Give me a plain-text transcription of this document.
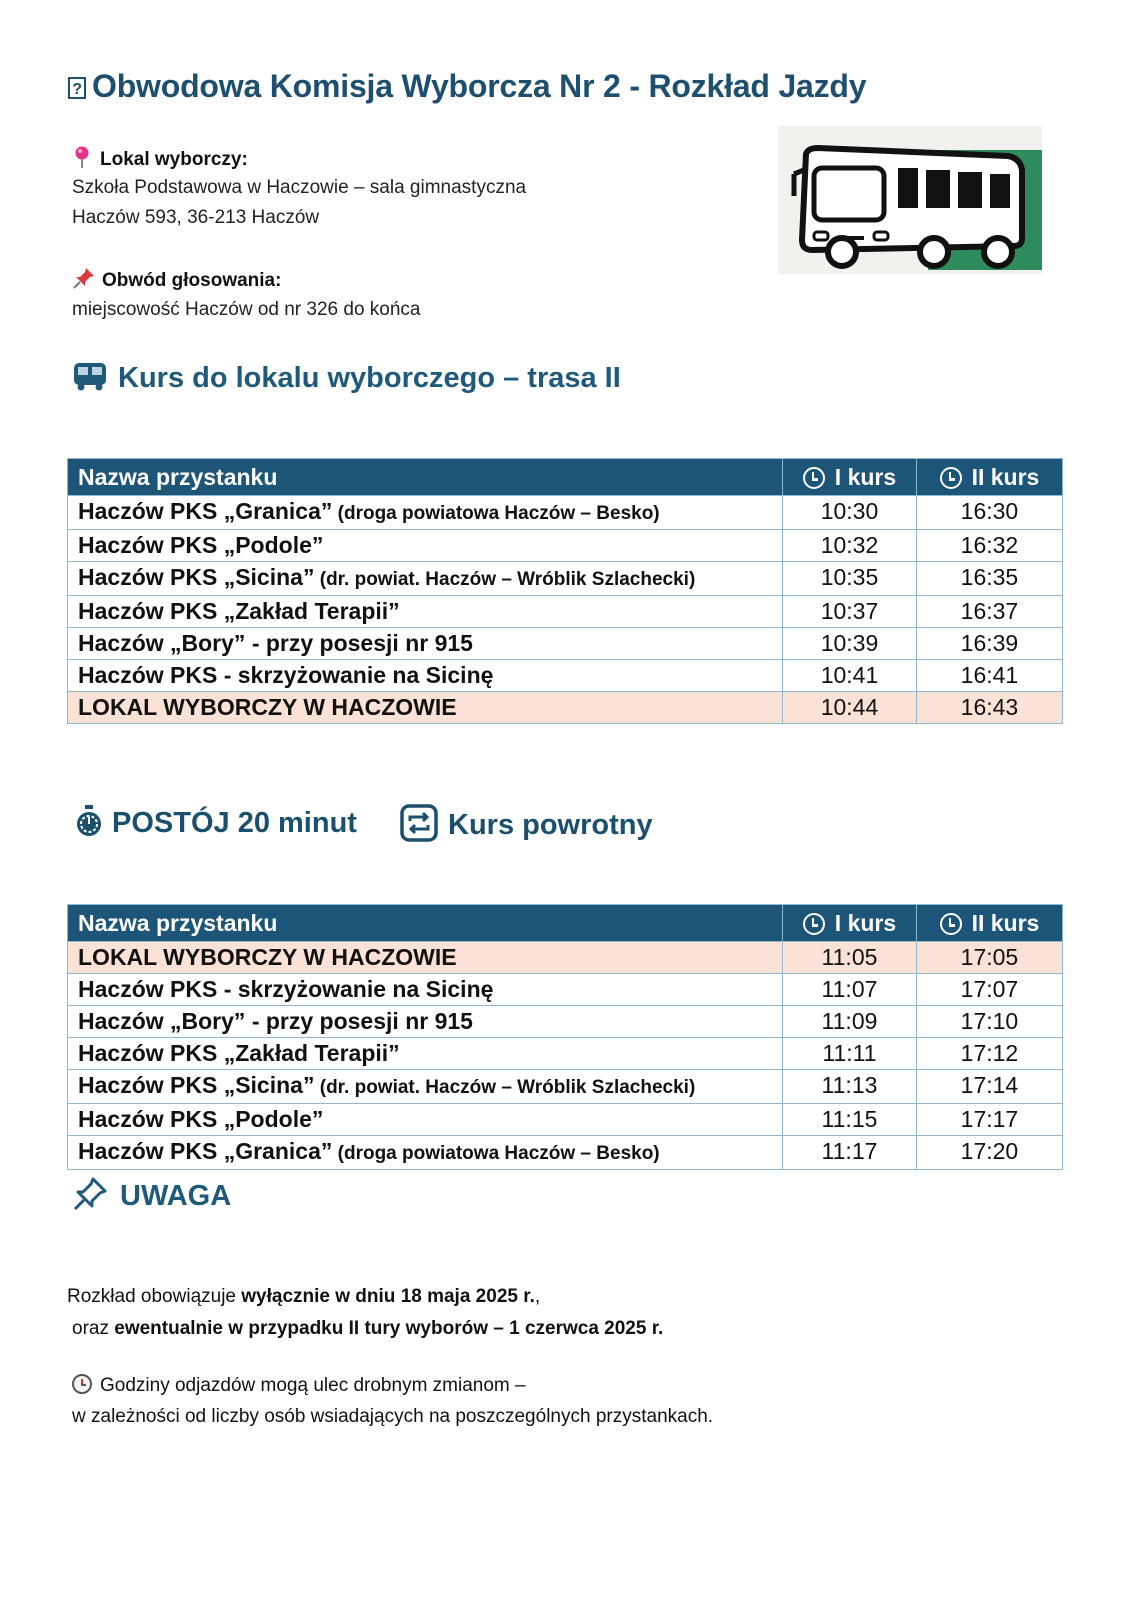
? Obwodowa Komisja Wyborcza Nr 2 - Rozkład Jazdy
Lokal wyborczy:
Szkoła Podstawowa w Haczowie – sala gimnastyczna
Haczów 593, 36-213 Haczów
Obwód głosowania:
miejscowość Haczów od nr 326 do końca
Kurs do lokalu wyborczego – trasa II
Nazwa przystanku	I kurs	II kurs
Haczów PKS „Granica” (droga powiatowa Haczów – Besko)	10:30	16:30
Haczów PKS „Podole”	10:32	16:32
Haczów PKS „Sicina” (dr. powiat. Haczów – Wróblik Szlachecki)	10:35	16:35
Haczów PKS „Zakład Terapii”	10:37	16:37
Haczów „Bory” - przy posesji nr 915	10:39	16:39
Haczów PKS - skrzyżowanie na Sicinę	10:41	16:41
LOKAL WYBORCZY W HACZOWIE	10:44	16:43
POSTÓJ 20 minut	Kurs powrotny
Nazwa przystanku	I kurs	II kurs
LOKAL WYBORCZY W HACZOWIE	11:05	17:05
Haczów PKS - skrzyżowanie na Sicinę	11:07	17:07
Haczów „Bory” - przy posesji nr 915	11:09	17:10
Haczów PKS „Zakład Terapii”	11:11	17:12
Haczów PKS „Sicina” (dr. powiat. Haczów – Wróblik Szlachecki)	11:13	17:14
Haczów PKS „Podole”	11:15	17:17
Haczów PKS „Granica” (droga powiatowa Haczów – Besko)	11:17	17:20
UWAGA
Rozkład obowiązuje wyłącznie w dniu 18 maja 2025 r.,
oraz ewentualnie w przypadku II tury wyborów – 1 czerwca 2025 r.
Godziny odjazdów mogą ulec drobnym zmianom –
w zależności od liczby osób wsiadających na poszczególnych przystankach.
